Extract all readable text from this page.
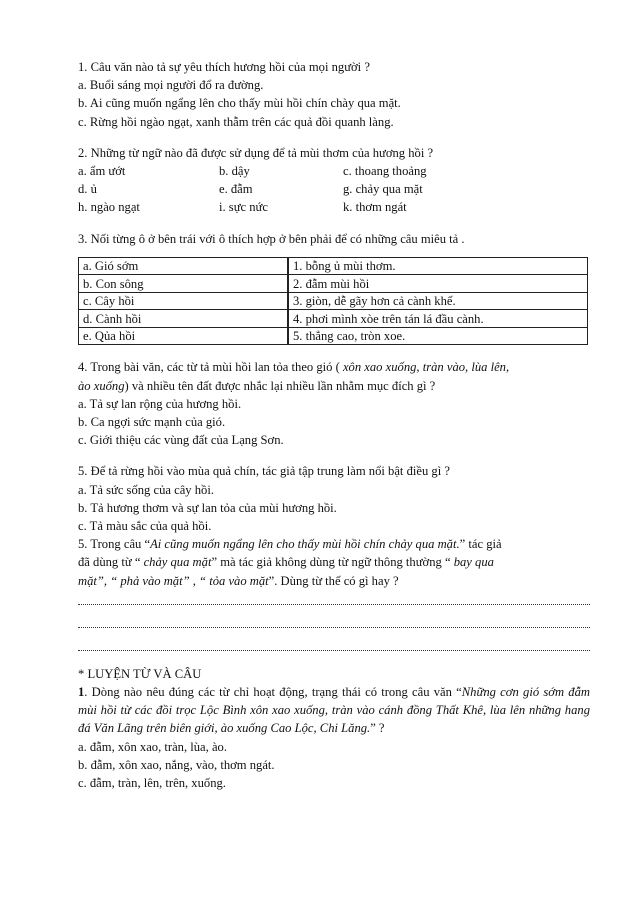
1. Câu văn nào tả sự yêu thích hương hồi của mọi người ?
a. Buổi sáng mọi người đổ ra đường.
b. Ai cũng muốn ngẩng lên cho thấy mùi hồi chín chày qua mặt.
c. Rừng hồi ngào ngạt, xanh thẫm trên các quả đồi quanh làng.
2. Những từ ngữ nào đã được sử dụng để tả mùi thơm của hương hồi ?
a. ẩm ướt	b. dậy	c. thoang thoảng
d. ủ	e. đẫm	g. chảy qua mặt
h. ngào ngạt	i. sực nức	k. thơm ngát
3. Nối từng ô ở bên trái với ô thích hợp ở bên phải để có những câu miêu tả .
a. Gió sớm		1. bỗng ủ mùi thơm.
b. Con sông		2. đẫm mùi hồi
c. Cây hồi		3. giòn, dễ gãy hơn cả cành khế.
d. Cành hồi		4. phơi mình xòe trên tán lá đầu cành.
e. Qủa hồi		5. thẳng cao, tròn xoe.
4. Trong bài văn, các từ tả mùi hồi lan tỏa theo gió ( xôn xao xuống, tràn vào, lùa lên,
ào xuống) và nhiều tên đất được nhắc lại nhiều lần nhằm mục đích gì ?
a. Tả sự lan rộng của hương hồi.
b. Ca ngợi sức mạnh của gió.
c. Giới thiệu các vùng đất của Lạng Sơn.
5. Để tả rừng hồi vào mùa quả chín, tác giả tập trung làm nổi bật điều gì ?
a. Tả sức sống của cây hồi.
b. Tả hương thơm và sự lan tỏa của mùi hương hồi.
c. Tả màu sắc của quả hồi.
5. Trong câu “Ai cũng muốn ngẩng lên cho thấy mùi hồi chín chảy qua mặt.” tác giả
đã dùng từ “ chảy qua mặt” mà tác giả không dùng từ ngữ thông thường “ bay qua
mặt”, “ phả vào mặt” , “ tỏa vào mặt”. Dùng từ thế có gì hay ?
* LUYỆN TỪ VÀ CÂU
1. Dòng nào nêu đúng các từ chỉ hoạt động, trạng thái có trong câu văn “Những cơn gió sớm đẫm mùi hồi từ các đồi trọc Lộc Bình xôn xao xuống, tràn vào cánh đồng Thất Khê, lùa lên những hang đá Văn Lãng trên biên giới, ào xuống Cao Lộc, Chi Lăng.” ?
a. đẫm, xôn xao, tràn, lùa, ào.
b. đẫm, xôn xao, nắng, vào, thơm ngát.
c. đẫm, tràn, lên, trên, xuống.
